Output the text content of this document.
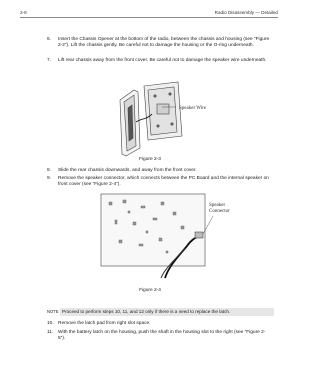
2-8	Radio Disassembly — Detailed
6. Insert the Chassis Opener at the bottom of the radio, between the chassis and housing (see “Figure 2-2”). Lift the chassis gently. Be careful not to damage the housing or the O-ring underneath.
7. Lift rear chassis away from the front cover. Be careful not to damage the speaker wire underneath.
Speaker Wire
Figure 2-3
8. Slide the rear chassis downwards, and away from the front cover.
9. Remove the speaker connector, which connects between the PC Board and the internal speaker on front cover (see “Figure 2-4”).
Speaker
Connector
Figure 2-4
NOTE Proceed to perform steps 10, 11, and 12 only if there is a need to replace the latch.
10. Remove the latch pad from right slot space.
11. With the battery latch on the housing, push the shaft in the housing slot to the right (see “Figure 2-5”).
